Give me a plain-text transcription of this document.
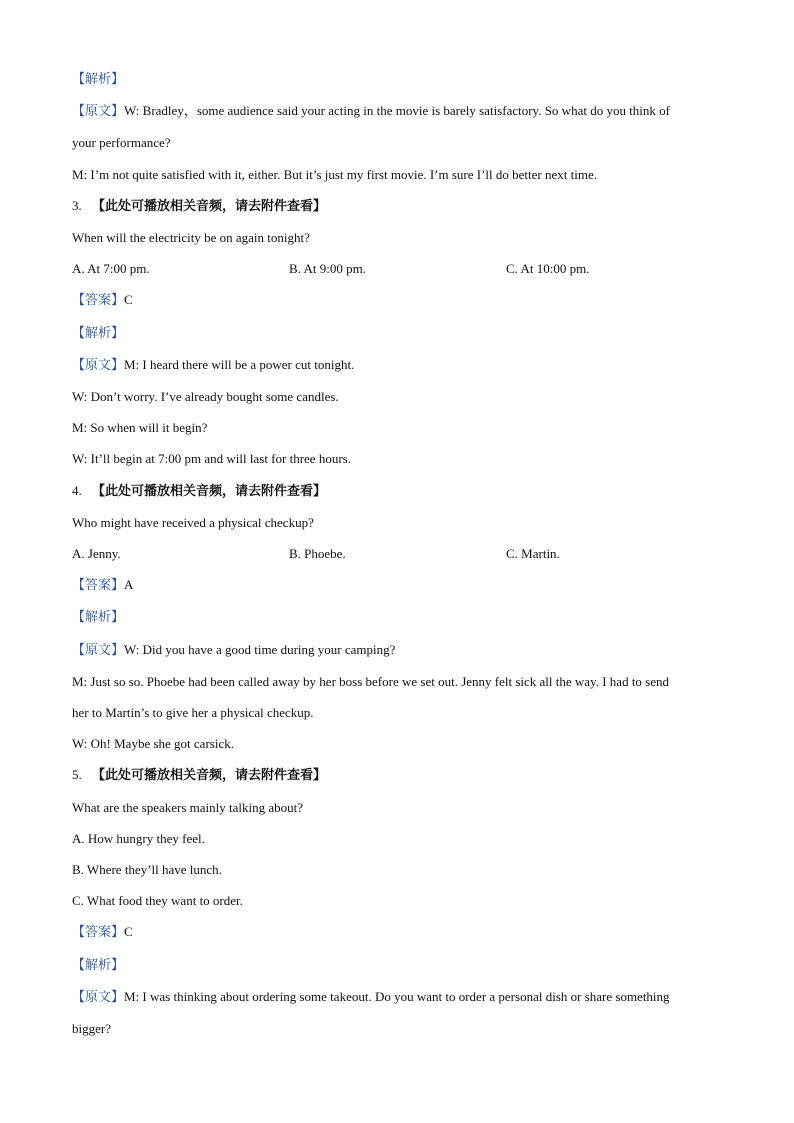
【解析】
【原文】W: Bradley，some audience said your acting in the movie is barely satisfactory. So what do you think of
your performance?
M: I’m not quite satisfied with it, either. But it’s just my first movie. I’m sure I’ll do better next time.
3. 【此处可播放相关音频，请去附件查看】
When will the electricity be on again tonight?
A. At 7:00 pm.	B. At 9:00 pm.	C. At 10:00 pm.
【答案】C
【解析】
【原文】M: I heard there will be a power cut tonight.
W: Don’t worry. I’ve already bought some candles.
M: So when will it begin?
W: It’ll begin at 7:00 pm and will last for three hours.
4. 【此处可播放相关音频，请去附件查看】
Who might have received a physical checkup?
A. Jenny.	B. Phoebe.	C. Martin.
【答案】A
【解析】
【原文】W: Did you have a good time during your camping?
M: Just so so. Phoebe had been called away by her boss before we set out. Jenny felt sick all the way. I had to send
her to Martin’s to give her a physical checkup.
W: Oh! Maybe she got carsick.
5. 【此处可播放相关音频，请去附件查看】
What are the speakers mainly talking about?
A. How hungry they feel.
B. Where they’ll have lunch.
C. What food they want to order.
【答案】C
【解析】
【原文】M: I was thinking about ordering some takeout. Do you want to order a personal dish or share something
bigger?
